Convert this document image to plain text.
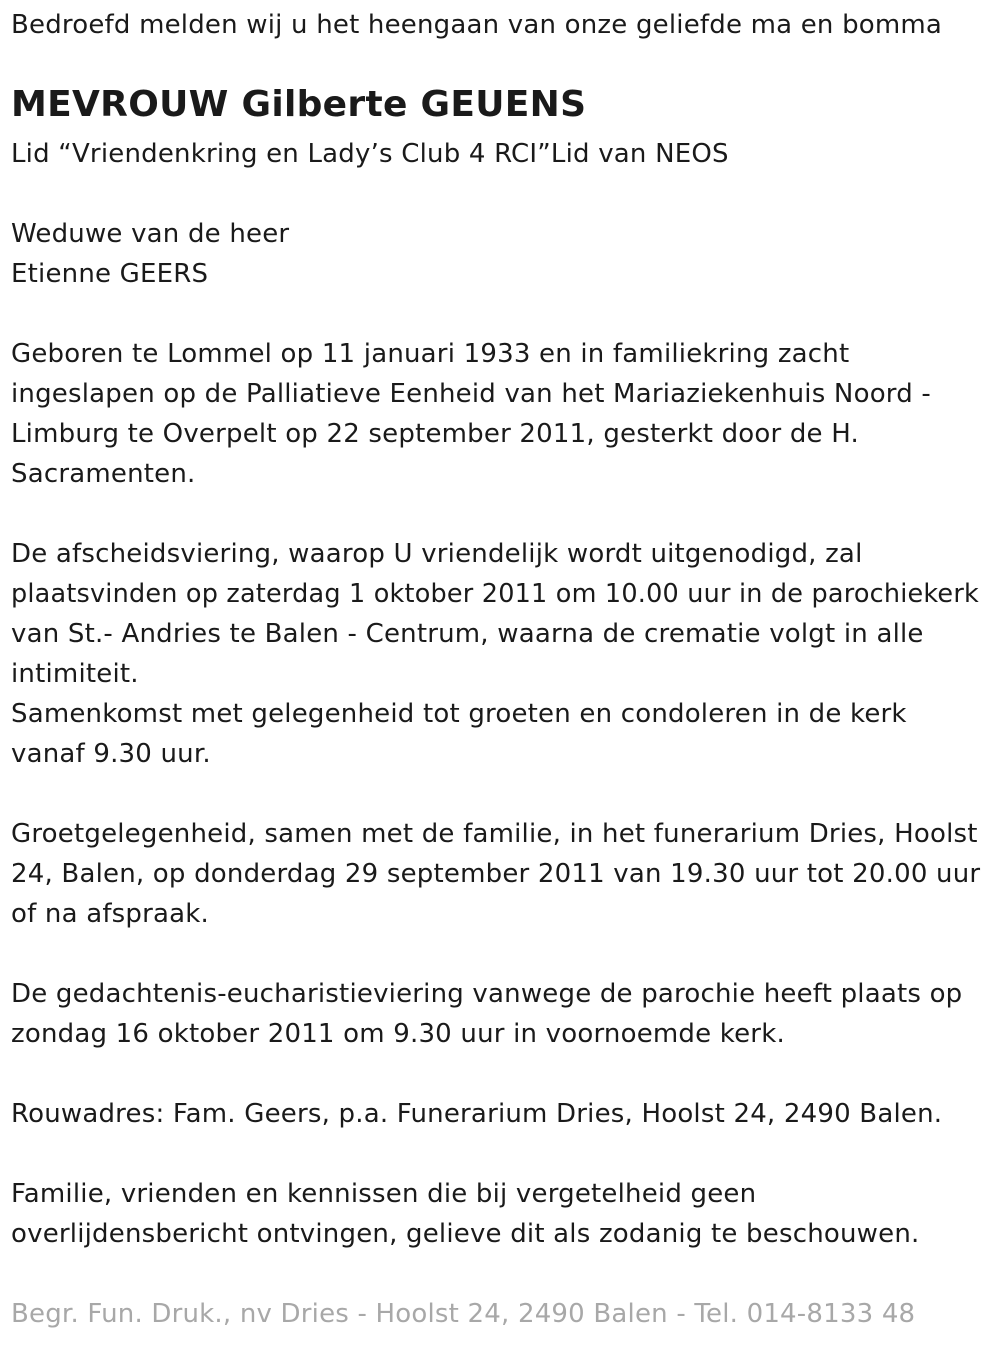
Bedroefd melden wij u het heengaan van onze geliefde ma en bomma
MEVROUW Gilberte GEUENS
Lid “Vriendenkring en Lady’s Club 4 RCI”Lid van NEOS
Weduwe van de heer
Etienne GEERS
Geboren te Lommel op 11 januari 1933 en in familiekring zacht
ingeslapen op de Palliatieve Eenheid van het Mariaziekenhuis Noord -
Limburg te Overpelt op 22 september 2011, gesterkt door de H.
Sacramenten.
De afscheidsviering, waarop U vriendelijk wordt uitgenodigd, zal
plaatsvinden op zaterdag 1 oktober 2011 om 10.00 uur in de parochiekerk
van St.- Andries te Balen - Centrum, waarna de crematie volgt in alle
intimiteit.
Samenkomst met gelegenheid tot groeten en condoleren in de kerk
vanaf 9.30 uur.
Groetgelegenheid, samen met de familie, in het funerarium Dries, Hoolst
24, Balen, op donderdag 29 september 2011 van 19.30 uur tot 20.00 uur
of na afspraak.
De gedachtenis-eucharistieviering vanwege de parochie heeft plaats op
zondag 16 oktober 2011 om 9.30 uur in voornoemde kerk.
Rouwadres: Fam. Geers, p.a. Funerarium Dries, Hoolst 24, 2490 Balen.
Familie, vrienden en kennissen die bij vergetelheid geen
overlijdensbericht ontvingen, gelieve dit als zodanig te beschouwen.
Begr. Fun. Druk., nv Dries - Hoolst 24, 2490 Balen - Tel. 014-8133 48
